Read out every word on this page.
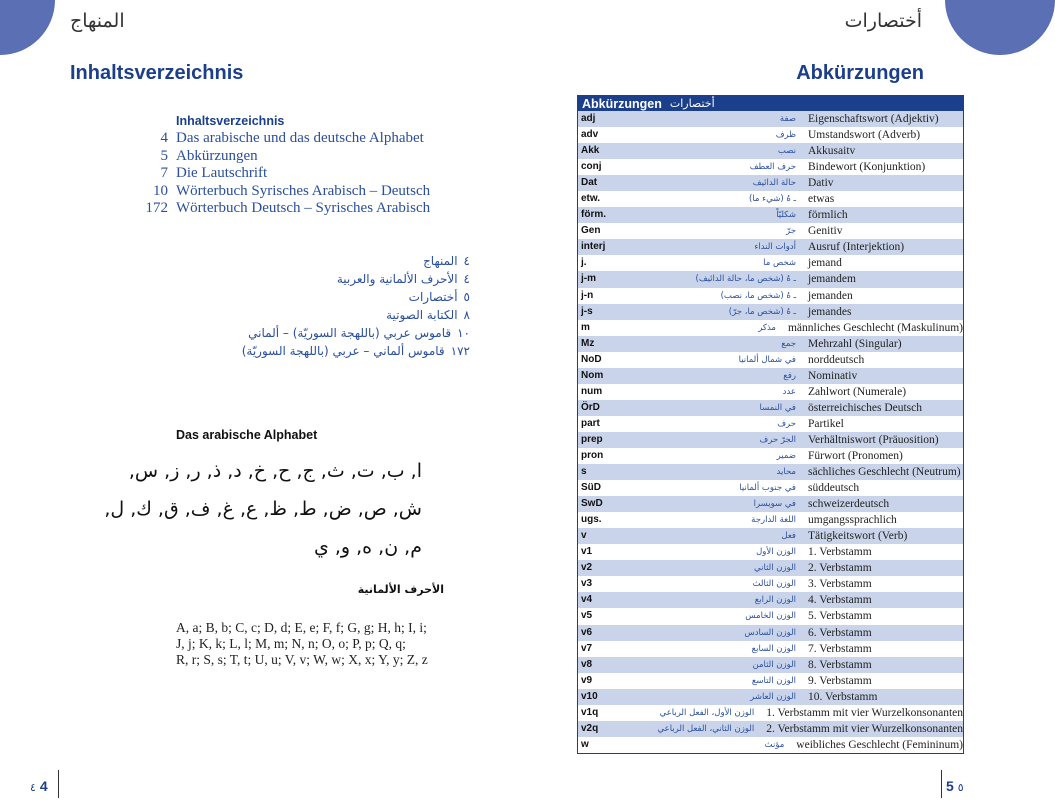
المنهاج
Inhaltsverzeichnis
Inhaltsverzeichnis
4 Das arabische und das deutsche Alphabet
5 Abkürzungen
7 Die Lautschrift
10 Wörterbuch Syrisches Arabisch – Deutsch
172 Wörterbuch Deutsch – Syrisches Arabisch
٤المنهاج
٤الأحرف الألمانية والعربية
٥أختصارات
٨الكتابة الصوتية
١٠قاموس عربي (باللهجة السوريّة) – ألماني
١٧٢قاموس ألماني – عربي (باللهجة السوريّة)
Das arabische Alphabet
ا, ب, ت, ث, ج, ح, خ, د, ذ, ر, ز, س,
ش, ص, ض, ط, ظ, ع, غ, ف, ق, ك, ل,
م, ن, ه, و, ي
الأحرف الألمانية
A, a; B, b; C, c; D, d; E, e; F, f; G, g; H, h; I, i;
J, j; K, k; L, l; M, m; N, n; O, o; P, p; Q, q;
R, r; S, s; T, t; U, u; V, v; W, w; X, x; Y, y; Z, z
٤ 4
أختصارات
Abkürzungen
Abkürzungen أختصارات
adj	صفة	Eigenschaftswort (Adjektiv)
adv	ظرف	Umstandswort (Adverb)
Akk	نصب	Akkusaitv
conj	حرف العطف	Bindewort (Konjunktion)
Dat	حالة الدائيف	Dativ
etw.	ـ هُ (شيء ما)	etwas
förm.	شكليّاً	förmlich
Gen	جرّ	Genitiv
interj	أدوات النداء	Ausruf (Interjektion)
j.	شخص ما	jemand
j-m	ـ هُ (شخص ما، حالة الدائيف)	jemandem
j-n	ـ هُ (شخص ما، نصب)	jemanden
j-s	ـ هُ (شخص ما، جرّ)	jemandes
m	مذكر	männliches Geschlecht (Maskulinum)
Mz	جمع	Mehrzahl (Singular)
NoD	في شمال ألمانيا	norddeutsch
Nom	رفع	Nominativ
num	عدد	Zahlwort (Numerale)
ÖrD	في النمسا	österreichisches Deutsch
part	حرف	Partikel
prep	الجرّ حرف	Verhältniswort (Präuosition)
pron	ضمير	Fürwort (Pronomen)
s	محايد	sächliches Geschlecht (Neutrum)
SüD	في جنوب ألمانيا	süddeutsch
SwD	في سويسرا	schweizerdeutsch
ugs.	اللغة الدارجة	umgangssprachlich
v	فعل	Tätigkeitswort (Verb)
v1	الوزن الأول	1. Verbstamm
v2	الوزن الثاني	2. Verbstamm
v3	الوزن الثالث	3. Verbstamm
v4	الوزن الرابع	4. Verbstamm
v5	الوزن الخامس	5. Verbstamm
v6	الوزن السادس	6. Verbstamm
v7	الوزن السابع	7. Verbstamm
v8	الوزن الثامن	8. Verbstamm
v9	الوزن التاسع	9. Verbstamm
v10	الوزن العاشر	10. Verbstamm
v1q	الوزن الأول، الفعل الرباعي	1. Verbstamm mit vier Wurzelkonsonanten
v2q	الوزن الثاني، الفعل الرباعي	2. Verbstamm mit vier Wurzelkonsonanten
w	مؤنث	weibliches Geschlecht (Femininum)
5 ٥
